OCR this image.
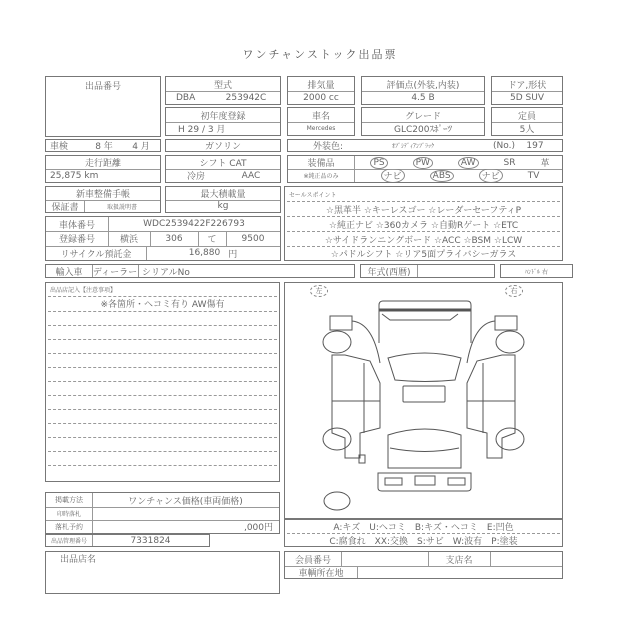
ワンチャンストック出品票
出品番号
車検	8 年	4 月
型式
DBA	253942C
初年度登録
H 29 / 3 月
ガソリン
排気量
2000 cc
車名
Mercedes
評価点(外装,内装)
4.5 B
グレード
GLC200ｽﾎﾟｰﾂ
ドア,形状
5D SUV
定員
5人
外装色:	ｵﾌﾞｼﾃﾞｨｱﾝﾌﾞﾗｯｸ	(No.)	197
走行距離
25,875 km
シフト CAT
冷房	AAC
装備品
※純正品のみ
PS	PW	AW	SR	革
ナビ	ABS	ナビ	TV
新車整備手帳
保証書	取扱説明書
最大積載量
kg
セールスポイント
☆黒革半 ☆キーレスゴー ☆レーダーセーフティP
☆純正ナビ ☆360カメラ ☆自動Rゲート ☆ETC
☆サイドランニングボード ☆ACC ☆BSM ☆LCW
☆パドルシフト ☆リア5面プライバシーガラス
車体番号	WDC2539422F226793
登録番号	横浜	306	て	9500
リサイクル預託金	16,880 円
輸入車	ディーラー シリアルNo	年式(西暦)	ﾊﾝﾄﾞﾙ 右
出品店記入【注意事項】
※各箇所・ヘコミ有り AW傷有
左	右
A:キズ　U:ヘコミ　B:キズ・ヘコミ　E:凹色
C:腐食れ　XX:交換　S:サビ　W:波有　P:塗装
掲載方法	ワンチャンス価格(車両価格)
印時落札
落札予約	,000円
出品管理番号	7331824
出品店名	会員番号	支店名
車輌所在地
